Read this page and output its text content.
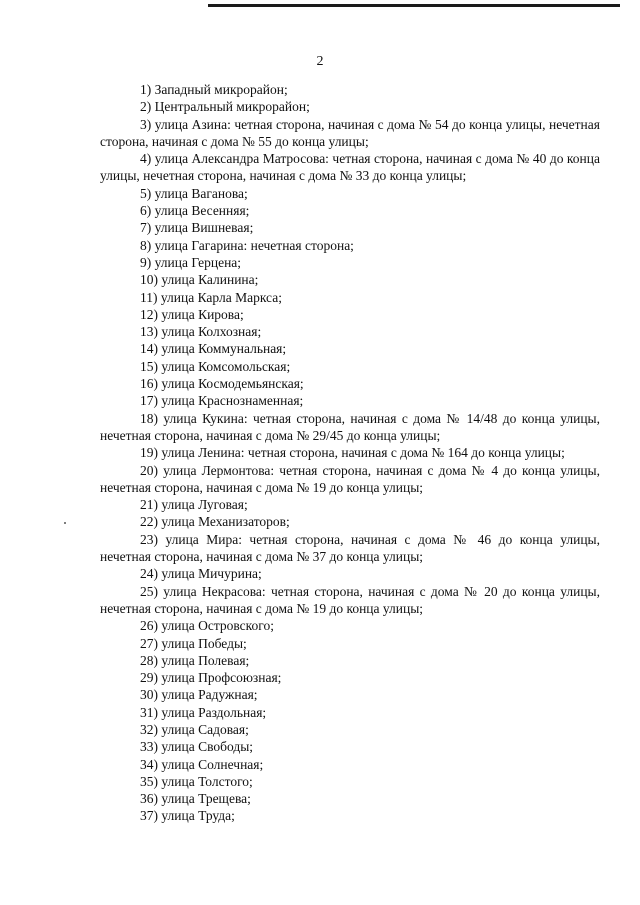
2

1) Западный микрорайон;

2) Центральный микрорайон;

3) улица Азина: четная сторона, начиная с дома № 54 до конца улицы, нечетная сторона, начиная с дома № 55 до конца улицы;

4) улица Александра Матросова: четная сторона, начиная с дома № 40 до конца улицы, нечетная сторона, начиная с дома № 33 до конца улицы;

5) улица Ваганова;

6) улица Весенняя;

7) улица Вишневая;

8) улица Гагарина: нечетная сторона;

9) улица Герцена;

10) улица Калинина;

11) улица Карла Маркса;

12) улица Кирова;

13) улица Колхозная;

14) улица Коммунальная;

15) улица Комсомольская;

16) улица Космодемьянская;

17) улица Краснознаменная;

18) улица Кукина: четная сторона, начиная с дома № 14/48 до конца улицы, нечетная сторона, начиная с дома № 29/45 до конца улицы;

19) улица Ленина: четная сторона, начиная с дома № 164 до конца улицы;

20) улица Лермонтова: четная сторона, начиная с дома № 4 до конца улицы, нечетная сторона, начиная с дома № 19 до конца улицы;

21) улица Луговая;

22) улица Механизаторов;

23) улица Мира: четная сторона, начиная с дома № 46 до конца улицы, нечетная сторона, начиная с дома № 37 до конца улицы;

24) улица Мичурина;

25) улица Некрасова: четная сторона, начиная с дома № 20 до конца улицы, нечетная сторона, начиная с дома № 19 до конца улицы;

26) улица Островского;

27) улица Победы;

28) улица Полевая;

29) улица Профсоюзная;

30) улица Радужная;

31) улица Раздольная;

32) улица Садовая;

33) улица Свободы;

34) улица Солнечная;

35) улица Толстого;

36) улица Трещева;

37) улица Труда;
